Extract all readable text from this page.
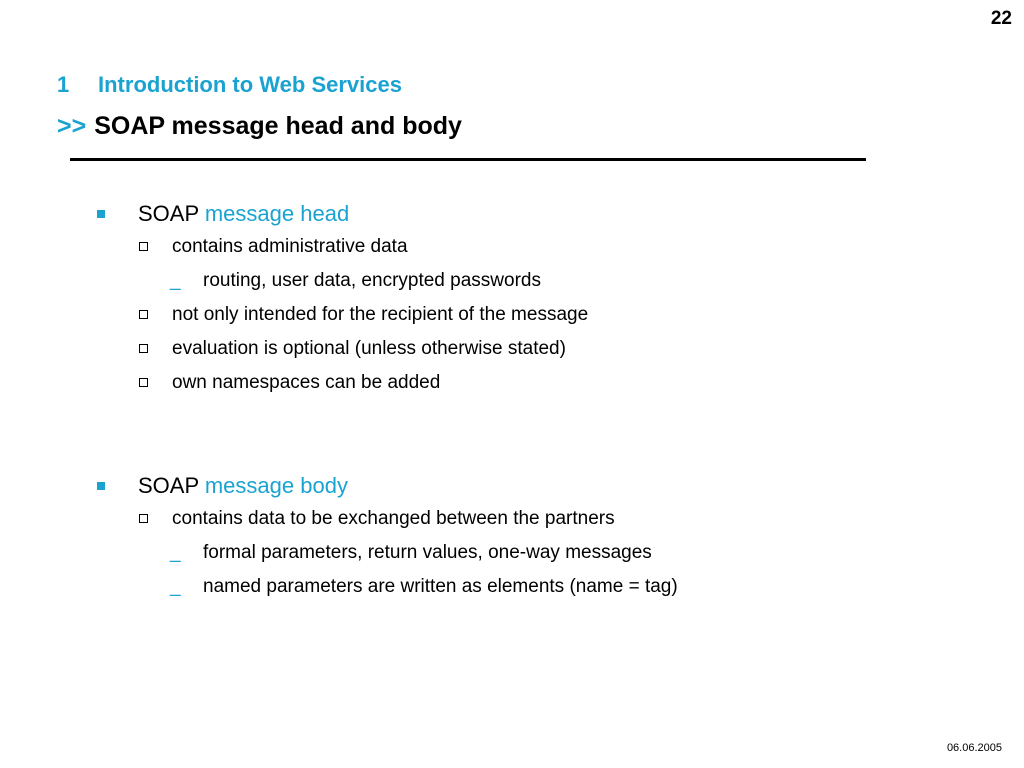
22
1 Introduction to Web Services
>> SOAP message head and body
SOAP message head
contains administrative data
_ routing, user data, encrypted passwords
not only intended for the recipient of the message
evaluation is optional (unless otherwise stated)
own namespaces can be added
SOAP message body
contains data to be exchanged between the partners
_ formal parameters, return values, one-way messages
_ named parameters are written as elements (name = tag)
06.06.2005
